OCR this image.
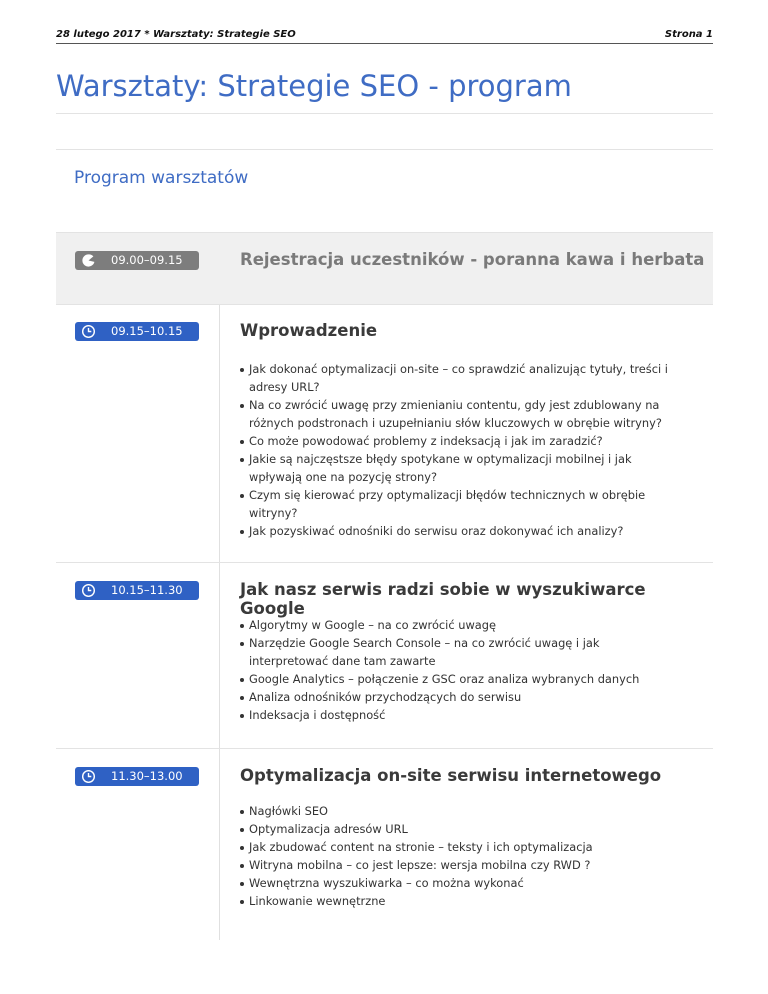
28 lutego 2017 * Warsztaty: Strategie SEO	Strona 1
Warsztaty: Strategie SEO - program
Program warsztatów
09.00–09.15	Rejestracja uczestników - poranna kawa i herbata
09.15–10.15	Wprowadzenie
Jak dokonać optymalizacji on-site – co sprawdzić analizując tytuły, treści i adresy URL?
Na co zwrócić uwagę przy zmienianiu contentu, gdy jest zdublowany na różnych podstronach i uzupełnianiu słów kluczowych w obrębie witryny?
Co może powodować problemy z indeksacją i jak im zaradzić?
Jakie są najczęstsze błędy spotykane w optymalizacji mobilnej i jak wpływają one na pozycję strony?
Czym się kierować przy optymalizacji błędów technicznych w obrębie witryny?
Jak pozyskiwać odnośniki do serwisu oraz dokonywać ich analizy?
10.15–11.30	Jak nasz serwis radzi sobie w wyszukiwarce Google
Algorytmy w Google – na co zwrócić uwagę
Narzędzie Google Search Console – na co zwrócić uwagę i jak interpretować dane tam zawarte
Google Analytics – połączenie z GSC oraz analiza wybranych danych
Analiza odnośników przychodzących do serwisu
Indeksacja i dostępność
11.30–13.00	Optymalizacja on-site serwisu internetowego
Nagłówki SEO
Optymalizacja adresów URL
Jak zbudować content na stronie – teksty i ich optymalizacja
Witryna mobilna – co jest lepsze: wersja mobilna czy RWD ?
Wewnętrzna wyszukiwarka – co można wykonać
Linkowanie wewnętrzne
